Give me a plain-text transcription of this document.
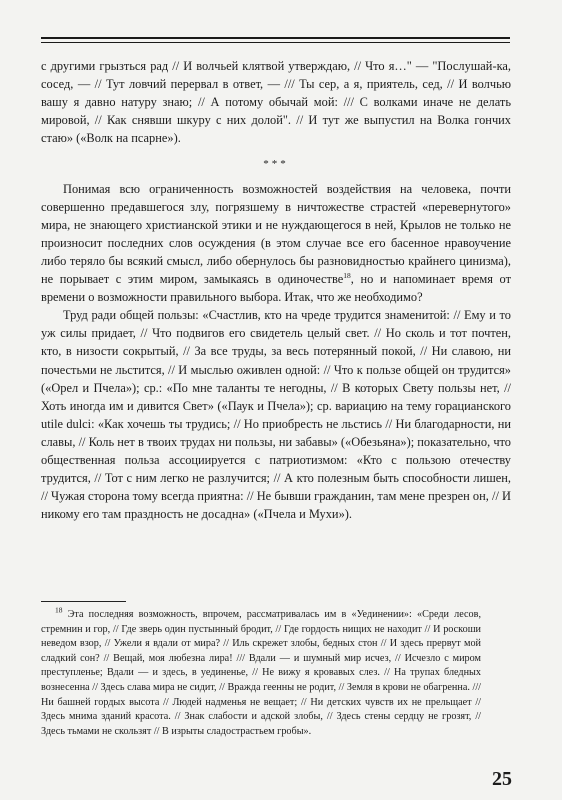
с другими грызться рад // И волчьей клятвой утверждаю, // Что я…" — "Послушай-ка, сосед, — // Тут ловчий перервал в ответ, — /// Ты сер, а я, приятель, сед, // И волчью вашу я давно натуру знаю; // А потому обычай мой: /// С волками иначе не делать мировой, // Как снявши шкуру с них долой". // И тут же выпустил на Волка гончих стаю» («Волк на псарне»).

***

Понимая всю ограниченность возможностей воздействия на человека, почти совершенно предавшегося злу, погрязшему в ничтожестве страстей «перевернутого» мира, не знающего христианской этики и не нуждающегося в ней, Крылов не только не произносит последних слов осуждения (в этом случае все его басенное нравоучение либо теряло бы всякий смысл, либо обернулось бы разновидностью крайнего цинизма), не порывает с этим миром, замыкаясь в одиночестве$^{18}$, но и напоминает время от времени о возможности правильного выбора. Итак, что же необходимо?

Труд ради общей пользы: «Счастлив, кто на чреде трудится знаменитой: // Ему и то уж силы придает, // Что подвигов его свидетель целый свет. // Но сколь и тот почтен, кто, в низости сокрытый, // За все труды, за весь потерянный покой, // Ни славою, ни почестьми не льстится, // И мыслью оживлен одной: // Что к пользе общей он трудится» («Орел и Пчела»); ср.: «По мне таланты те негодны, // В которых Свету пользы нет, // Хоть иногда им и дивится Свет» («Паук и Пчела»); ср. вариацию на тему горацианского utile dulci: «Как хочешь ты трудись; // Но приобресть не льстись // Ни благодарности, ни славы, // Коль нет в твоих трудах ни пользы, ни забавы» («Обезьяна»); показательно, что общественная польза ассоциируется с патриотизмом: «Кто с пользою отечеству трудится, // Тот с ним легко не разлучится; // А кто полезным быть способности лишен, // Чужая сторона тому всегда приятна: // Не бывши гражданин, там мене презрен он, // И никому его там праздность не досадна» («Пчела и Мухи»).

$^{18}$ Эта последняя возможность, впрочем, рассматривалась им в «Уединении»: «Среди лесов, стремнин и гор, // Где зверь один пустынный бродит, // Где гордость нищих не находит // И роскоши неведом взор, // Ужели я вдали от мира? // Иль скрежет злобы, бедных стон // И здесь прервут мой сладкий сон? // Вещай, моя любезна лира! /// Вдали — и шумный мир исчез, // Исчезло с миром преступленье; Вдали — и здесь, в уединенье, // Не вижу я кровавых слез. // На трупах бледных вознесенна // Здесь слава мира не сидит, // Вражда геенны не родит, // Земля в крови не обагренна. /// Ни башней гордых высота // Людей надменья не вещает; // Ни детских чувств их не прельщает // Здесь мнима зданий красота. // Знак слабости и адской злобы, // Здесь стены сердцу не грозят, // Здесь тьмами не скользят // В изрыты сладострастьем гробы».

25
